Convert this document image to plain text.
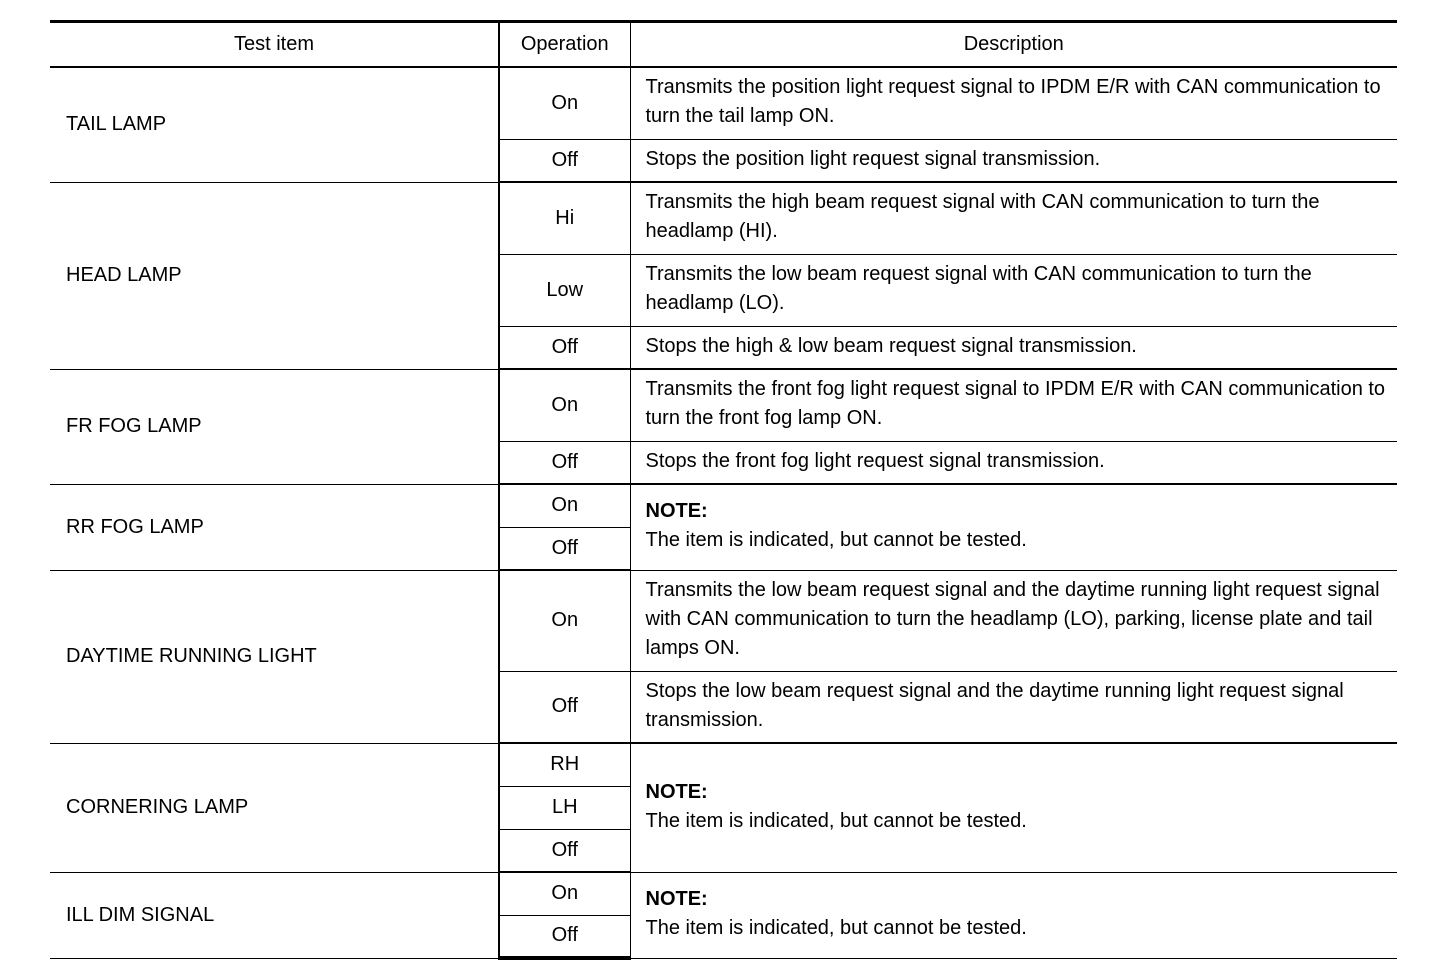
Test item	Operation	Description
TAIL LAMP	On	Transmits the position light request signal to IPDM E/R with CAN communication to turn the tail lamp ON.
	Off	Stops the position light request signal transmission.
HEAD LAMP	Hi	Transmits the high beam request signal with CAN communication to turn the headlamp (HI).
	Low	Transmits the low beam request signal with CAN communication to turn the headlamp (LO).
	Off	Stops the high & low beam request signal transmission.
FR FOG LAMP	On	Transmits the front fog light request signal to IPDM E/R with CAN communication to turn the front fog lamp ON.
	Off	Stops the front fog light request signal transmission.
RR FOG LAMP	On	NOTE:
The item is indicated, but cannot be tested.

	Off	
DAYTIME RUNNING LIGHT	On	Transmits the low beam request signal and the daytime running light request signal with CAN communication to turn the headlamp (LO), parking, license plate and tail lamps ON.
	Off	Stops the low beam request signal and the daytime running light request signal transmission.
CORNERING LAMP	RH	NOTE:
The item is indicated, but cannot be tested.

	LH	
	Off	
ILL DIM SIGNAL	On	NOTE:
The item is indicated, but cannot be tested.

	Off	
